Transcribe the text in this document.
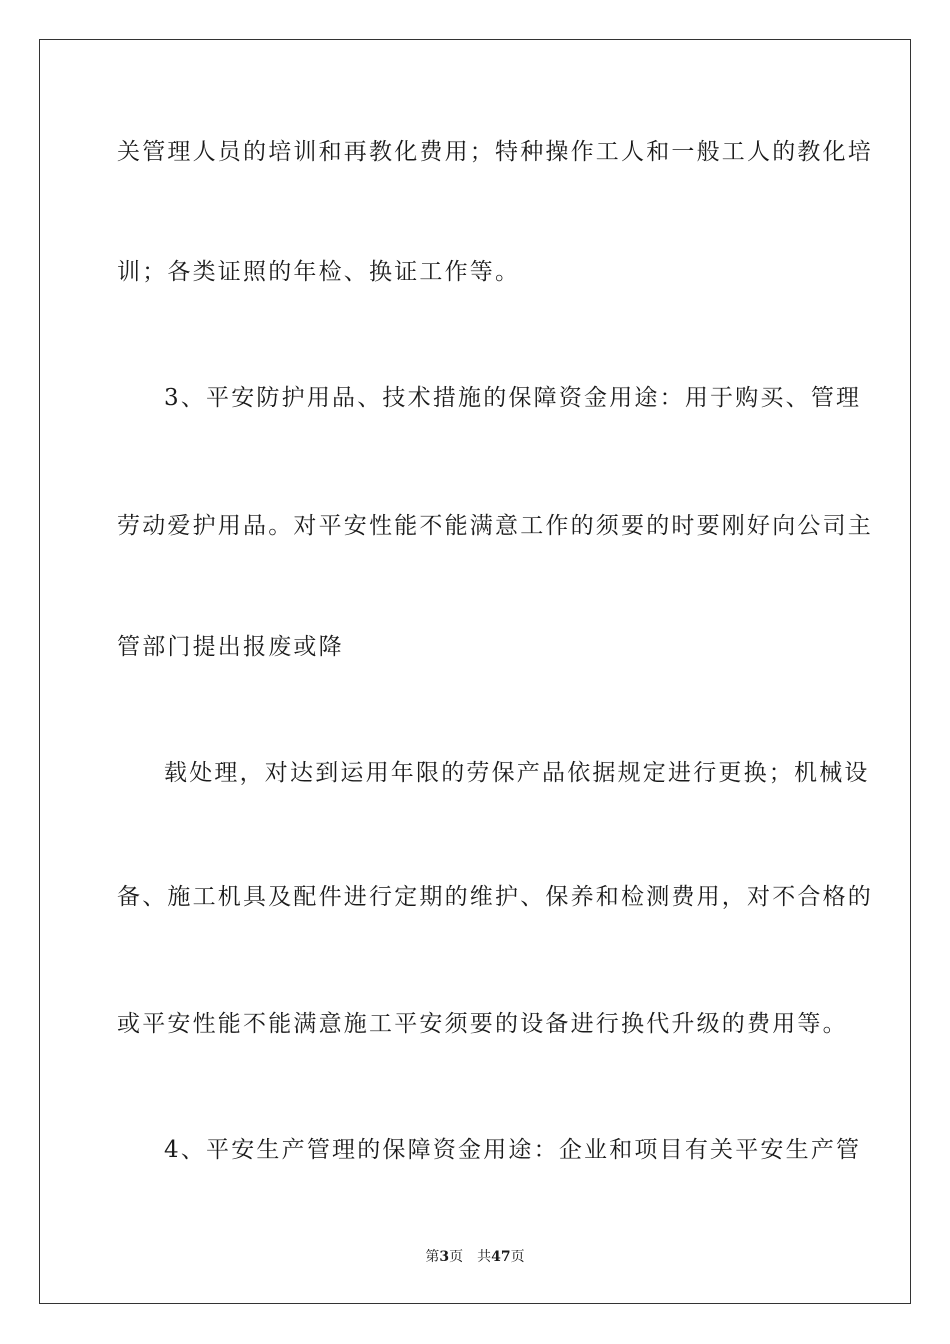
关管理人员的培训和再教化费用；特种操作工人和一般工人的教化培
训；各类证照的年检、换证工作等。
3、平安防护用品、技术措施的保障资金用途：用于购买、管理
劳动爱护用品。对平安性能不能满意工作的须要的时要刚好向公司主
管部门提出报废或降
载处理，对达到运用年限的劳保产品依据规定进行更换；机械设
备、施工机具及配件进行定期的维护、保养和检测费用，对不合格的
或平安性能不能满意施工平安须要的设备进行换代升级的费用等。
4、平安生产管理的保障资金用途：企业和项目有关平安生产管
第3页 共47页
